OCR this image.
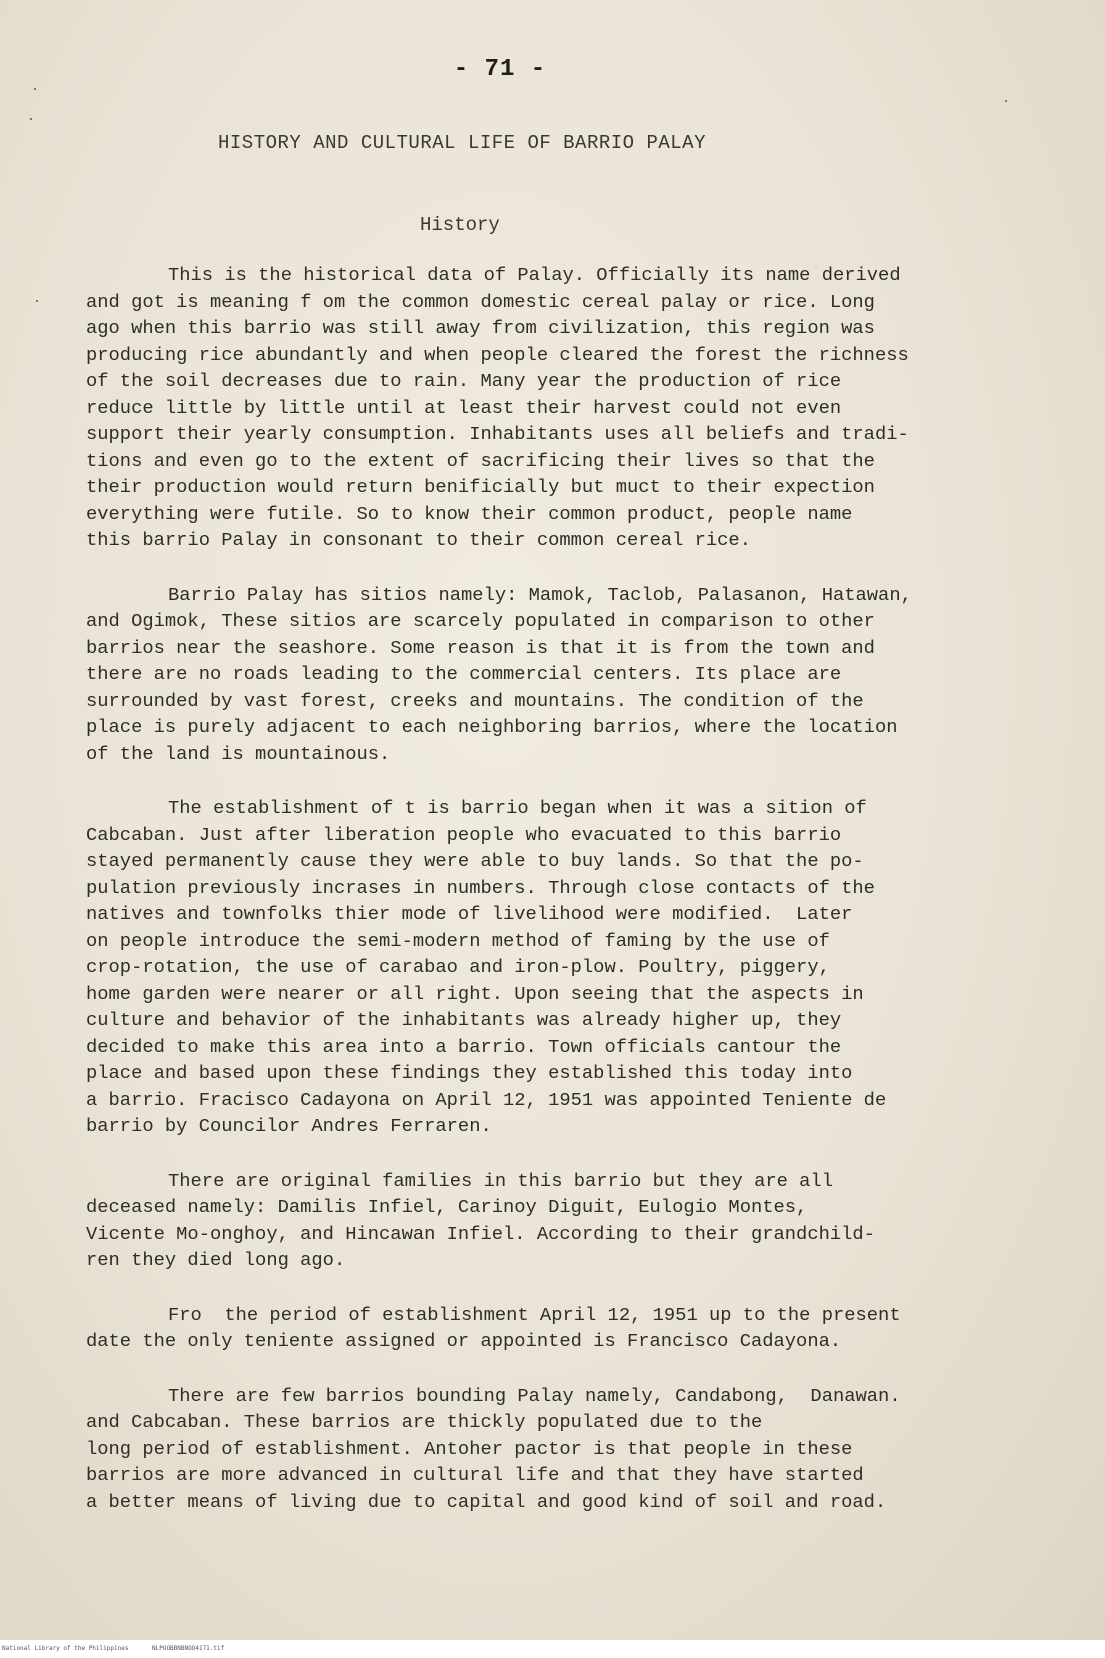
- 71 -
HISTORY AND CULTURAL LIFE OF BARRIO PALAY
History
This is the historical data of Palay. Officially its name derived
and got is meaning f om the common domestic cereal palay or rice. Long
ago when this barrio was still away from civilization, this region was
producing rice abundantly and when people cleared the forest the richness
of the soil decreases due to rain. Many year the production of rice
reduce little by little until at least their harvest could not even
support their yearly consumption. Inhabitants uses all beliefs and tradi-
tions and even go to the extent of sacrificing their lives so that the
their production would return benificially but muct to their expection
everything were futile. So to know their common product, people name
this barrio Palay in consonant to their common cereal rice.
Barrio Palay has sitios namely: Mamok, Taclob, Palasanon, Hatawan,
and Ogimok, These sitios are scarcely populated in comparison to other
barrios near the seashore. Some reason is that it is from the town and
there are no roads leading to the commercial centers. Its place are
surrounded by vast forest, creeks and mountains. The condition of the
place is purely adjacent to each neighboring barrios, where the location
of the land is mountainous.
The establishment of t is barrio began when it was a sition of
Cabcaban. Just after liberation people who evacuated to this barrio
stayed permanently cause they were able to buy lands. So that the po-
pulation previously incrases in numbers. Through close contacts of the
natives and townfolks thier mode of livelihood were modified.  Later
on people introduce the semi-modern method of faming by the use of
crop-rotation, the use of carabao and iron-plow. Poultry, piggery,
home garden were nearer or all right. Upon seeing that the aspects in
culture and behavior of the inhabitants was already higher up, they
decided to make this area into a barrio. Town officials cantour the
place and based upon these findings they established this today into
a barrio. Fracisco Cadayona on April 12, 1951 was appointed Teniente de
barrio by Councilor Andres Ferraren.
There are original families in this barrio but they are all
deceased namely: Damilis Infiel, Carinoy Diguit, Eulogio Montes,
Vicente Mo-onghoy, and Hincawan Infiel. According to their grandchild-
ren they died long ago.
Fro  the period of establishment April 12, 1951 up to the present
date the only teniente assigned or appointed is Francisco Cadayona.
There are few barrios bounding Palay namely, Candabong,  Danawan.
and Cabcaban. These barrios are thickly populated due to the
long period of establishment. Antoher pactor is that people in these
barrios are more advanced in cultural life and that they have started
a better means of living due to capital and good kind of soil and road.
National Library of the Philippines	NLPOOBBNBNOO4171.tif
